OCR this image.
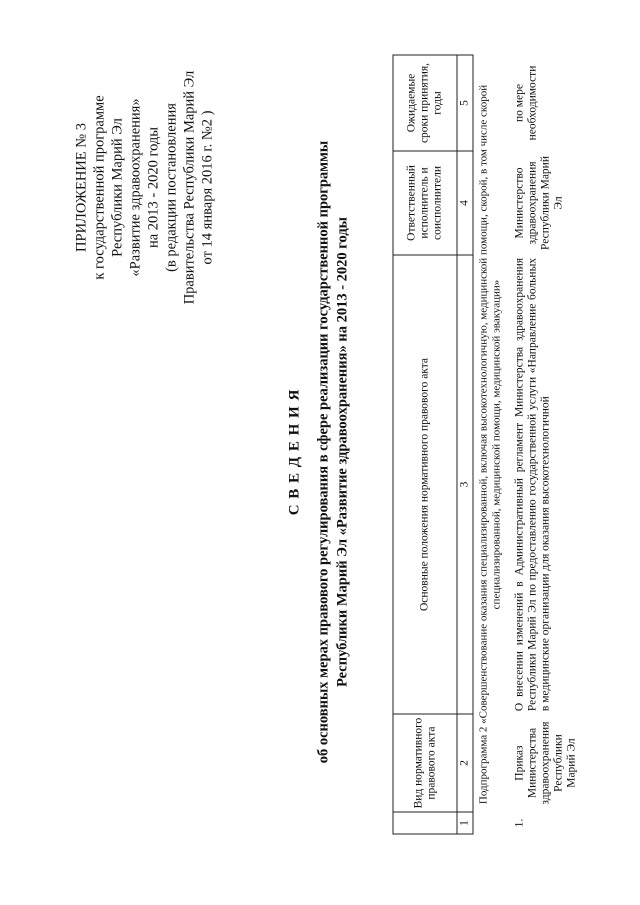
ПРИЛОЖЕНИЕ № 3 к государственной программе Республики Марий Эл «Развитие здравоохранения» на 2013 - 2020 годы (в редакции постановления Правительства Республики Марий Эл от 14 января 2016 г. №2 )
С В Е Д Е Н И Я об основных мерах правового регулирования в сфере реализации государственной программы Республики Марий Эл «Развитие здравоохранения» на 2013 - 2020 годы
	Вид нормативного правового акта	Основные положения нормативного правового акта	Ответственный исполнитель и соисполнители	Ожидаемые сроки принятия, годы
1	2	3	4	5
Подпрограмма 2 «Совершенствование оказания специализированной, включая высокотехнологичную, медицинской помощи, скорой, в том числе скорой специализированной, медицинской помощи, медицинской эвакуации»				
1.	Приказ Министерства здравоохранения Республики Марий Эл	О внесении изменений в Административный регламент Министерства здравоохранения Республики Марий Эл по предоставлению государственной услуги «Направление больных в медицинские организации для оказания высокотехнологичной	Министерство здравоохранения Республики Марий Эл	по мере необходимости
